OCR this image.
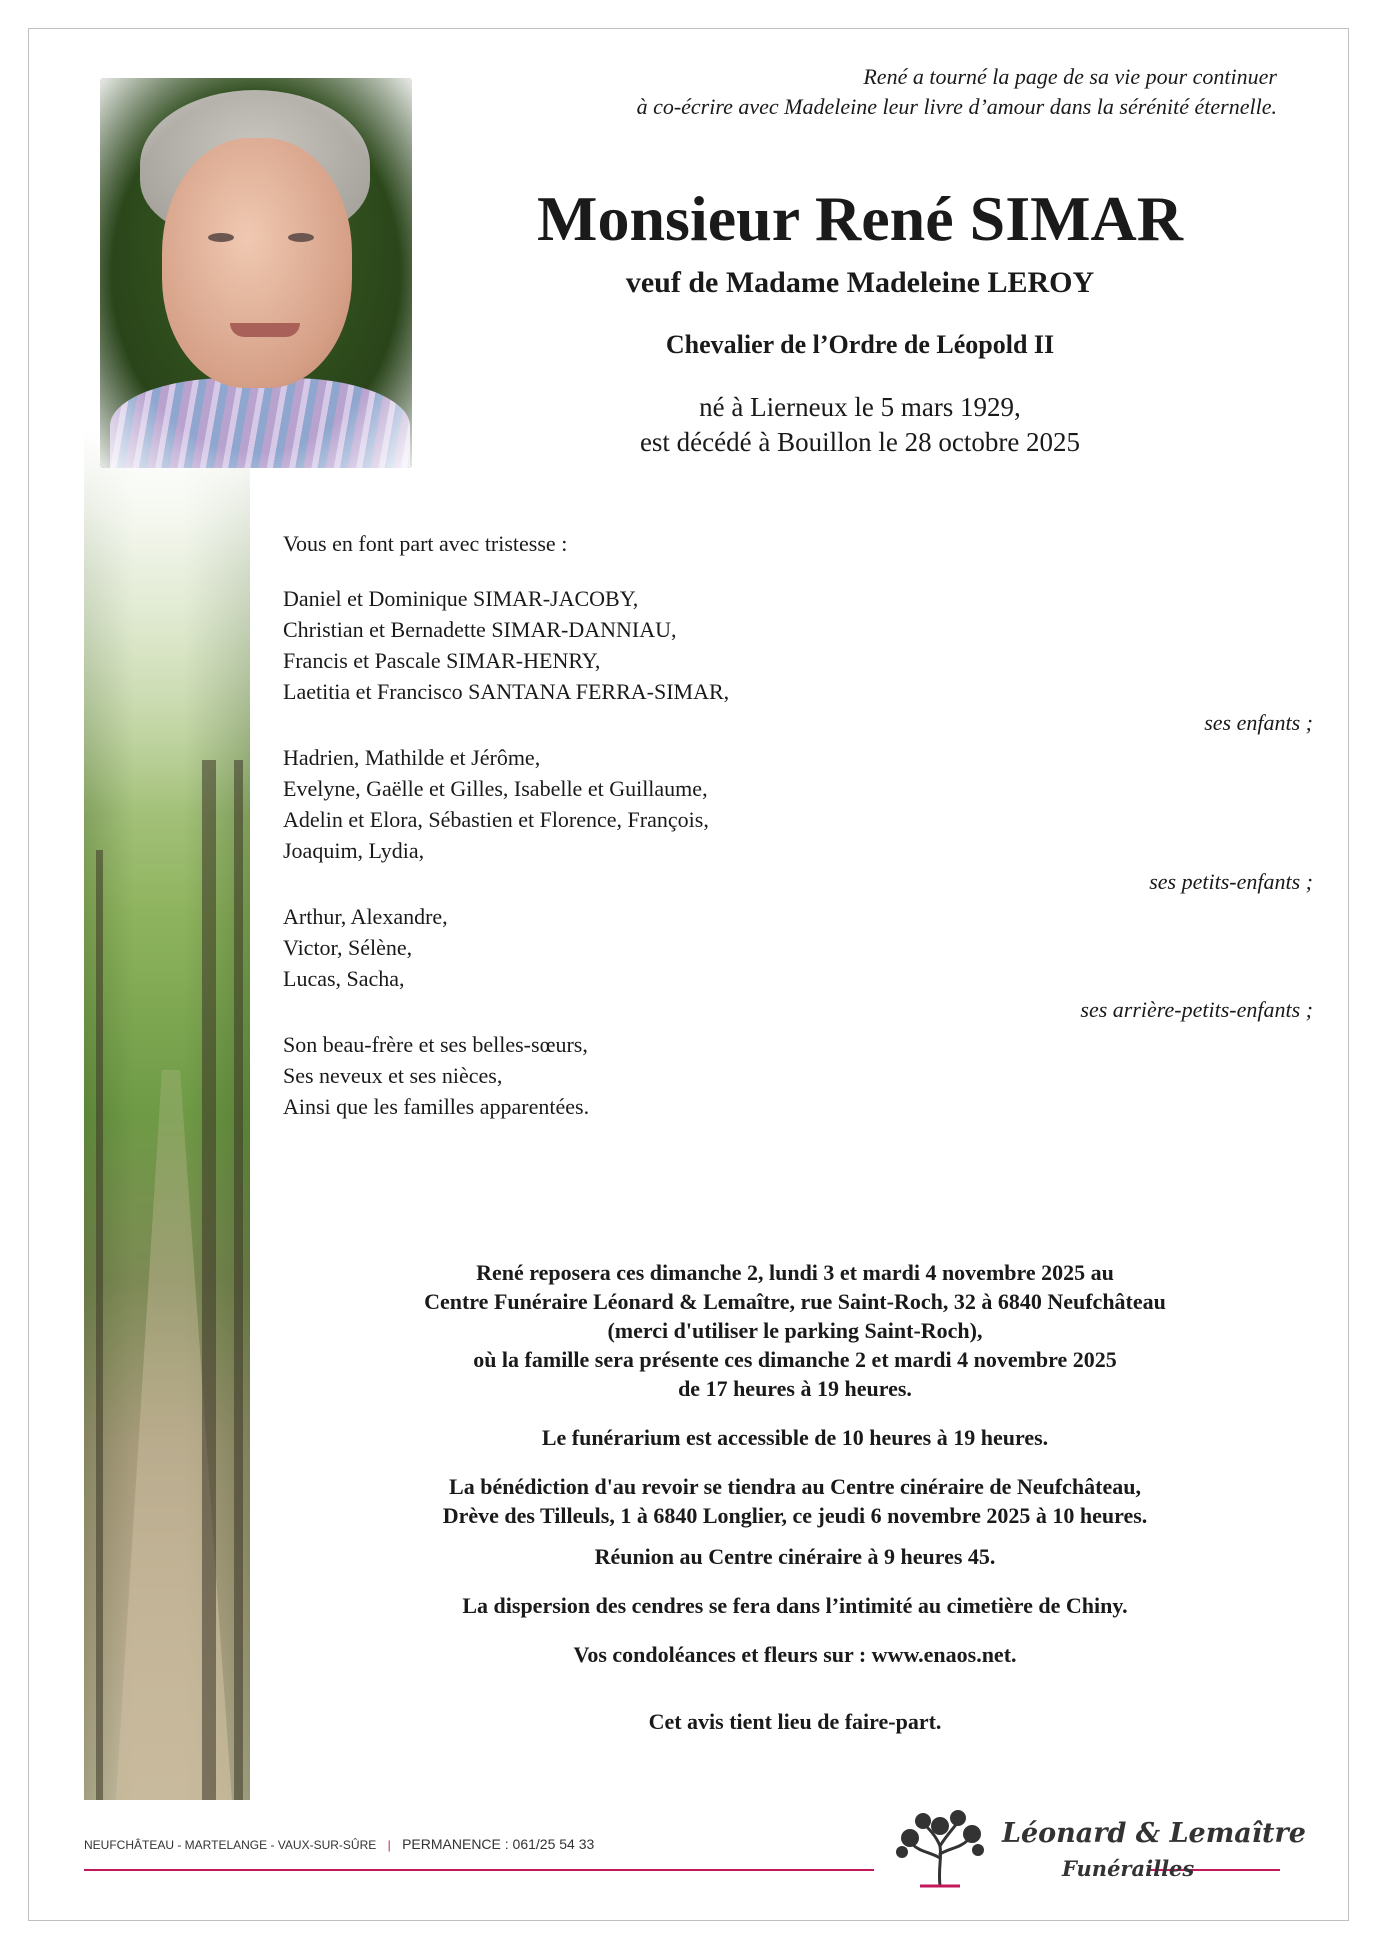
René a tourné la page de sa vie pour continuer
à co-écrire avec Madeleine leur livre d’amour dans la sérénité éternelle.
Monsieur René SIMAR
veuf de Madame Madeleine LEROY
Chevalier de l’Ordre de Léopold II
né à Lierneux le 5 mars 1929,
est décédé à Bouillon le 28 octobre 2025
Vous en font part avec tristesse :
Daniel et Dominique SIMAR-JACOBY,
Christian et Bernadette SIMAR-DANNIAU,
Francis et Pascale SIMAR-HENRY,
Laetitia et Francisco SANTANA FERRA-SIMAR,
ses enfants ;
Hadrien, Mathilde et Jérôme,
Evelyne, Gaëlle et Gilles, Isabelle et Guillaume,
Adelin et Elora, Sébastien et Florence, François,
Joaquim, Lydia,
ses petits-enfants ;
Arthur, Alexandre,
Victor, Sélène,
Lucas, Sacha,
ses arrière-petits-enfants ;
Son beau-frère et ses belles-sœurs,
Ses neveux et ses nièces,
Ainsi que les familles apparentées.

René reposera ces dimanche 2, lundi 3 et mardi 4 novembre 2025 au
Centre Funéraire Léonard & Lemaître, rue Saint-Roch, 32 à 6840 Neufchâteau
(merci d'utiliser le parking Saint-Roch),
où la famille sera présente ces dimanche 2 et mardi 4 novembre 2025
de 17 heures à 19 heures.

Le funérarium est accessible de 10 heures à 19 heures.

La bénédiction d'au revoir se tiendra au Centre cinéraire de Neufchâteau,
Drève des Tilleuls, 1 à 6840 Longlier, ce jeudi 6 novembre 2025 à 10 heures.

Réunion au Centre cinéraire à 9 heures 45.

La dispersion des cendres se fera dans l’intimité au cimetière de Chiny.

Vos condoléances et fleurs sur : www.enaos.net.

Cet avis tient lieu de faire-part.

NEUFCHÂTEAU - MARTELANGE - VAUX-SUR-SÛRE | PERMANENCE : 061/25 54 33	Léonard & Lemaître
Funérailles
